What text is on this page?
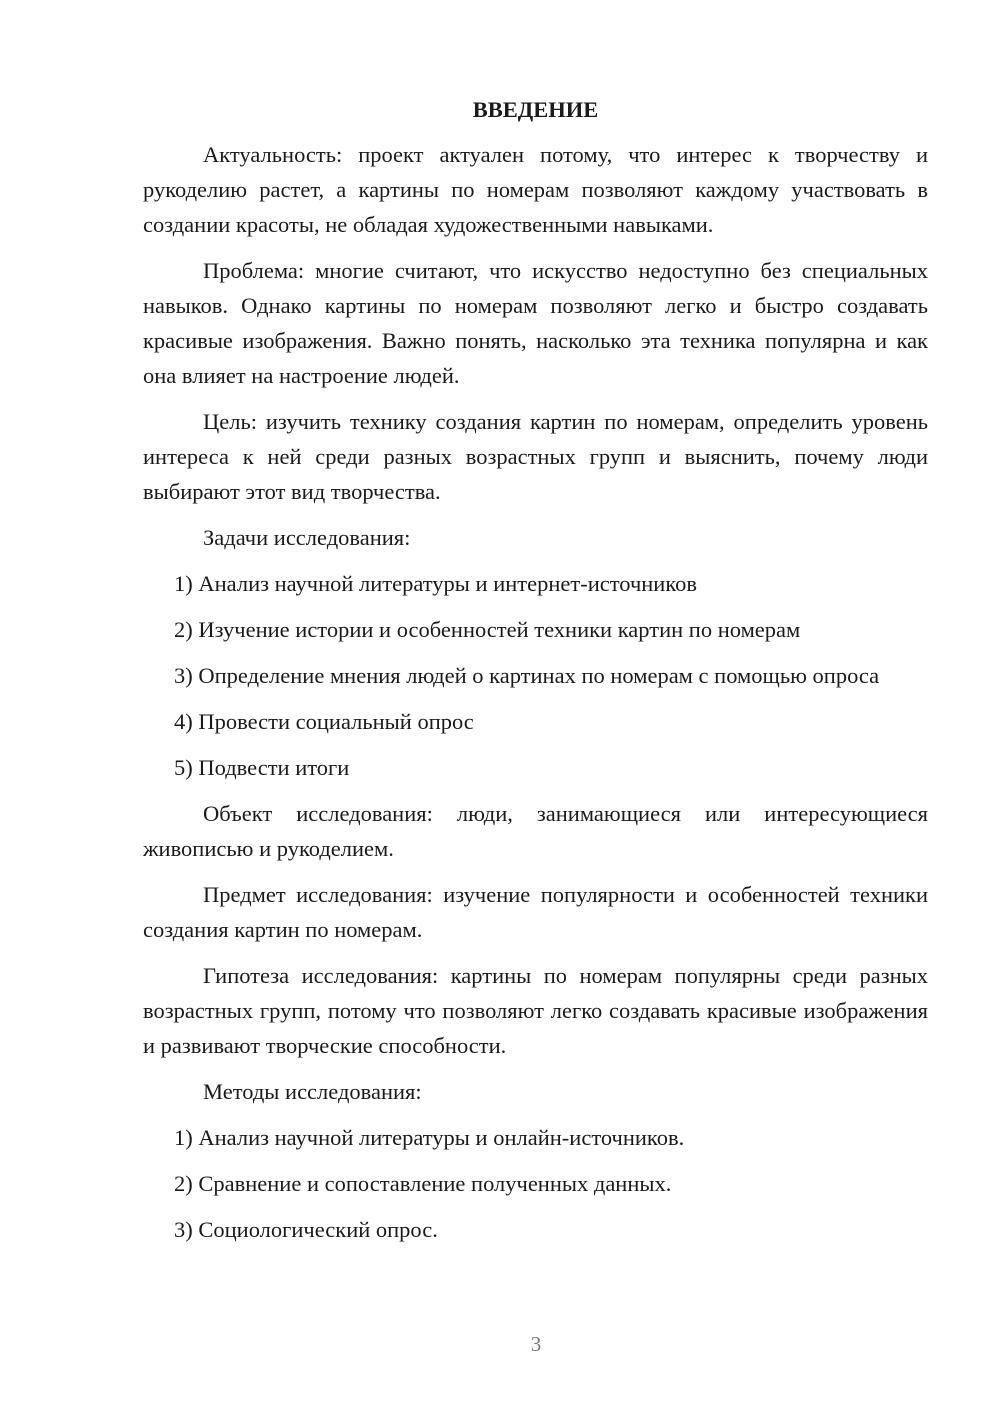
ВВЕДЕНИЕ

Актуальность: проект актуален потому, что интерес к творчеству и рукоделию растет, а картины по номерам позволяют каждому участвовать в создании красоты, не обладая художественными навыками.

Проблема: многие считают, что искусство недоступно без специальных навыков. Однако картины по номерам позволяют легко и быстро создавать красивые изображения. Важно понять, насколько эта техника популярна и как она влияет на настроение людей.

Цель: изучить технику создания картин по номерам, определить уровень интереса к ней среди разных возрастных групп и выяснить, почему люди выбирают этот вид творчества.

Задачи исследования:

1) Анализ научной литературы и интернет-источников

2) Изучение истории и особенностей техники картин по номерам

3) Определение мнения людей о картинах по номерам с помощью опроса

4) Провести социальный опрос

5) Подвести итоги

Объект исследования: люди, занимающиеся или интересующиеся живописью и рукоделием.

Предмет исследования: изучение популярности и особенностей техники создания картин по номерам.

Гипотеза исследования: картины по номерам популярны среди разных возрастных групп, потому что позволяют легко создавать красивые изображения и развивают творческие способности.

Методы исследования:

1) Анализ научной литературы и онлайн-источников.

2) Сравнение и сопоставление полученных данных.

3) Социологический опрос.

3
